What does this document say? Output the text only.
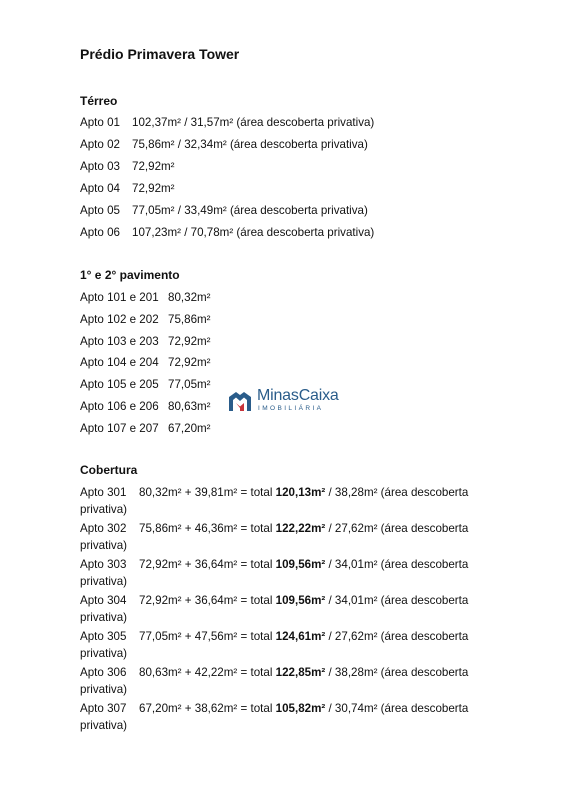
Prédio Primavera Tower
Térreo
Apto 01 102,37m² / 31,57m² (área descoberta privativa)
Apto 02 75,86m² / 32,34m² (área descoberta privativa)
Apto 03 72,92m²
Apto 04 72,92m²
Apto 05 77,05m² / 33,49m² (área descoberta privativa)
Apto 06 107,23m² / 70,78m² (área descoberta privativa)
1° e 2° pavimento
Apto 101 e 201 80,32m²
Apto 102 e 202 75,86m²
Apto 103 e 203 72,92m²
Apto 104 e 204 72,92m²
Apto 105 e 205 77,05m²
Apto 106 e 206 80,63m²
Apto 107 e 207 67,20m²
MinasCaixa
IMOBILIÁRIA
Cobertura
Apto 301 80,32m² + 39,81m² = total 120,13m² / 38,28m² (área descoberta privativa)
Apto 302 75,86m² + 46,36m² = total 122,22m² / 27,62m² (área descoberta privativa)
Apto 303 72,92m² + 36,64m² = total 109,56m² / 34,01m² (área descoberta privativa)
Apto 304 72,92m² + 36,64m² = total 109,56m² / 34,01m² (área descoberta privativa)
Apto 305 77,05m² + 47,56m² = total 124,61m² / 27,62m² (área descoberta privativa)
Apto 306 80,63m² + 42,22m² = total 122,85m² / 38,28m² (área descoberta privativa)
Apto 307 67,20m² + 38,62m² = total 105,82m² / 30,74m² (área descoberta privativa)
